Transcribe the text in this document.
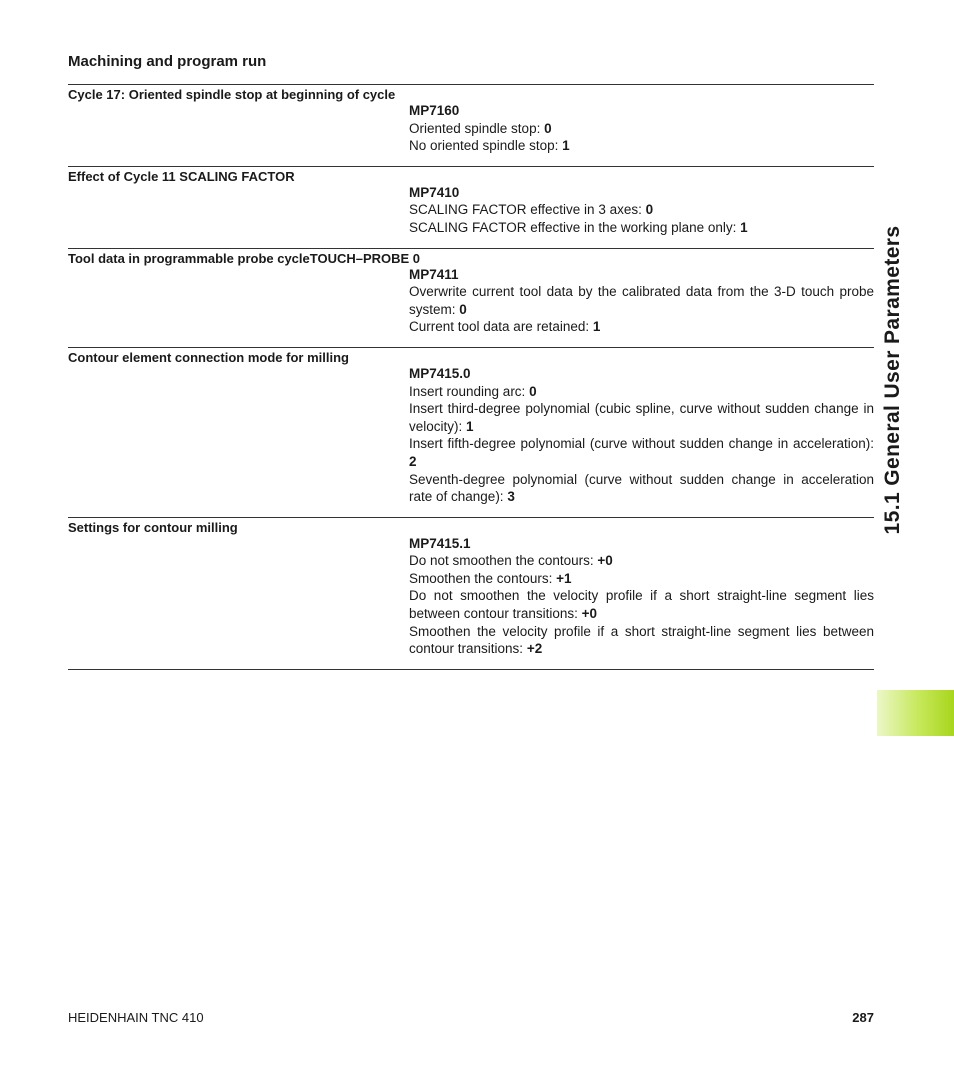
Machining and program run
Cycle 17: Oriented spindle stop at beginning of cycle
MP7160

Oriented spindle stop: 0

No oriented spindle stop: 1

Effect of Cycle 11 SCALING FACTOR
MP7410

SCALING FACTOR effective in 3 axes: 0

SCALING FACTOR effective in the working plane only: 1

Tool data in programmable probe cycleTOUCH–PROBE 0
MP7411

Overwrite current tool data by the calibrated data from the 3-D touch probe system: 0

Current tool data are retained: 1

Contour element connection mode for milling
MP7415.0

Insert rounding arc: 0

Insert third-degree polynomial (cubic spline, curve without sudden change in velocity): 1

Insert fifth-degree polynomial (curve without sudden change in acceleration): 2

Seventh-degree polynomial (curve without sudden change in acceleration rate of change): 3

Settings for contour milling
MP7415.1

Do not smoothen the contours: +0

Smoothen the contours: +1

Do not smoothen the velocity profile if a short straight-line segment lies between contour transitions: +0

Smoothen the velocity profile if a short straight-line segment lies between contour transitions: +2

15.1 General User Parameters
HEIDENHAIN TNC 410	287
